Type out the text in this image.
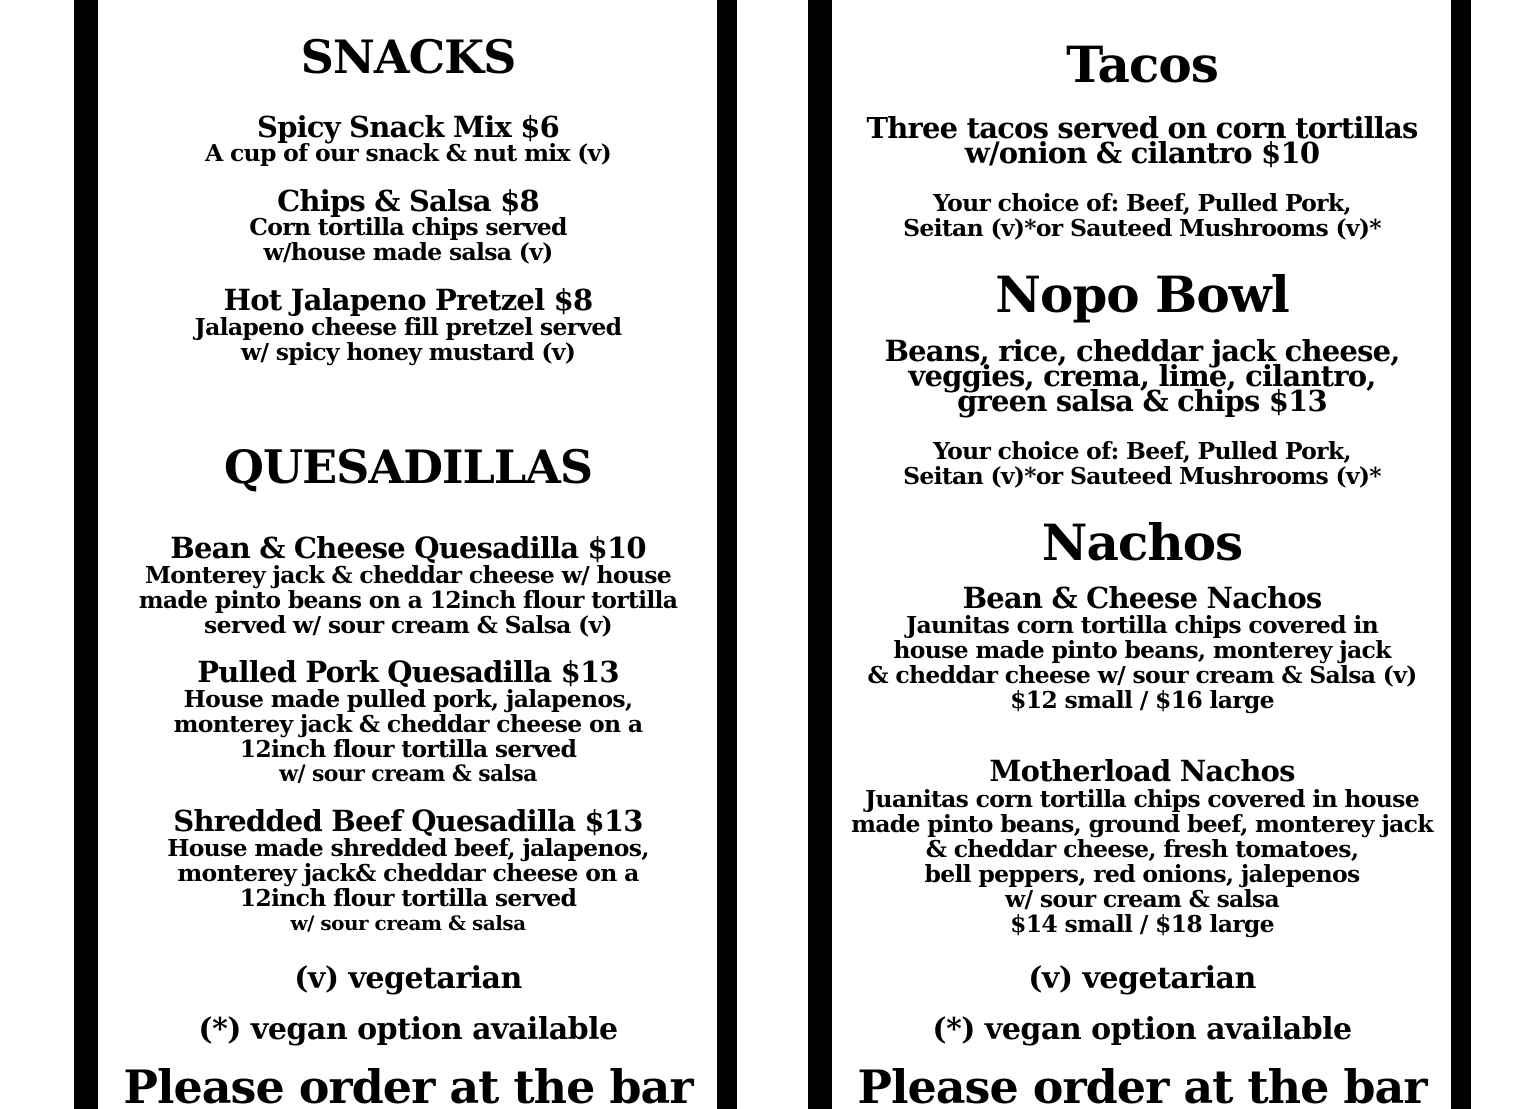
SNACKS
Spicy Snack Mix $6
A cup of our snack & nut mix (v)
Chips & Salsa $8
Corn tortilla chips served
w/house made salsa (v)
Hot Jalapeno Pretzel $8
Jalapeno cheese fill pretzel served
w/ spicy honey mustard (v)
QUESADILLAS
Bean & Cheese Quesadilla $10
Monterey jack & cheddar cheese w/ house
made pinto beans on a 12inch flour tortilla
served w/ sour cream & Salsa (v)
Pulled Pork Quesadilla $13
House made pulled pork, jalapenos,
monterey jack & cheddar cheese on a
12inch flour tortilla served
w/ sour cream & salsa
Shredded Beef Quesadilla $13
House made shredded beef, jalapenos,
monterey jack& cheddar cheese on a
12inch flour tortilla served
w/ sour cream & salsa
(v) vegetarian
(*) vegan option available
Please order at the bar
Tacos
Three tacos served on corn tortillas
w/onion & cilantro $10
Your choice of: Beef, Pulled Pork,
Seitan (v)*or Sauteed Mushrooms (v)*
Nopo Bowl
Beans, rice, cheddar jack cheese,
veggies, crema, lime, cilantro,
green salsa & chips $13
Your choice of: Beef, Pulled Pork,
Seitan (v)*or Sauteed Mushrooms (v)*
Nachos
Bean & Cheese Nachos
Jaunitas corn tortilla chips covered in
house made pinto beans, monterey jack
& cheddar cheese w/ sour cream & Salsa (v)
$12 small / $16 large
Motherload Nachos
Juanitas corn tortilla chips covered in house
made pinto beans, ground beef, monterey jack
& cheddar cheese, fresh tomatoes,
bell peppers, red onions, jalepenos
w/ sour cream & salsa
$14 small / $18 large
(v) vegetarian
(*) vegan option available
Please order at the bar
